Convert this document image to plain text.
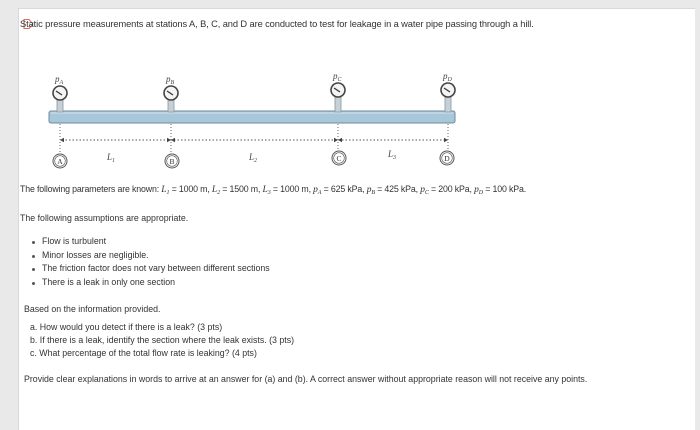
Static pressure measurements at stations A, B, C, and D are conducted to test for leakage in a water pipe passing through a hill.
$p_A$	$p_B$
$p_C$	$p_D$
$L_1$	$L_2$
$L_3$
A	B	C	D
The following parameters are known: $L_1 = 1000$ m, $L_2 = 1500$ m, $L_3 = 1000$ m, $p_A = 625$ kPa, $p_B = 425$ kPa, $p_C = 200$ kPa, $p_D = 100$ kPa.
The following assumptions are appropriate.
Flow is turbulent
Minor losses are negligible.
The friction factor does not vary between different sections
There is a leak in only one section
Based on the information provided.
a. How would you detect if there is a leak? (3 pts)
b. If there is a leak, identify the section where the leak exists. (3 pts)
c. What percentage of the total flow rate is leaking? (4 pts)
Provide clear explanations in words to arrive at an answer for (a) and (b). A correct answer without appropriate reason will not receive any points.
